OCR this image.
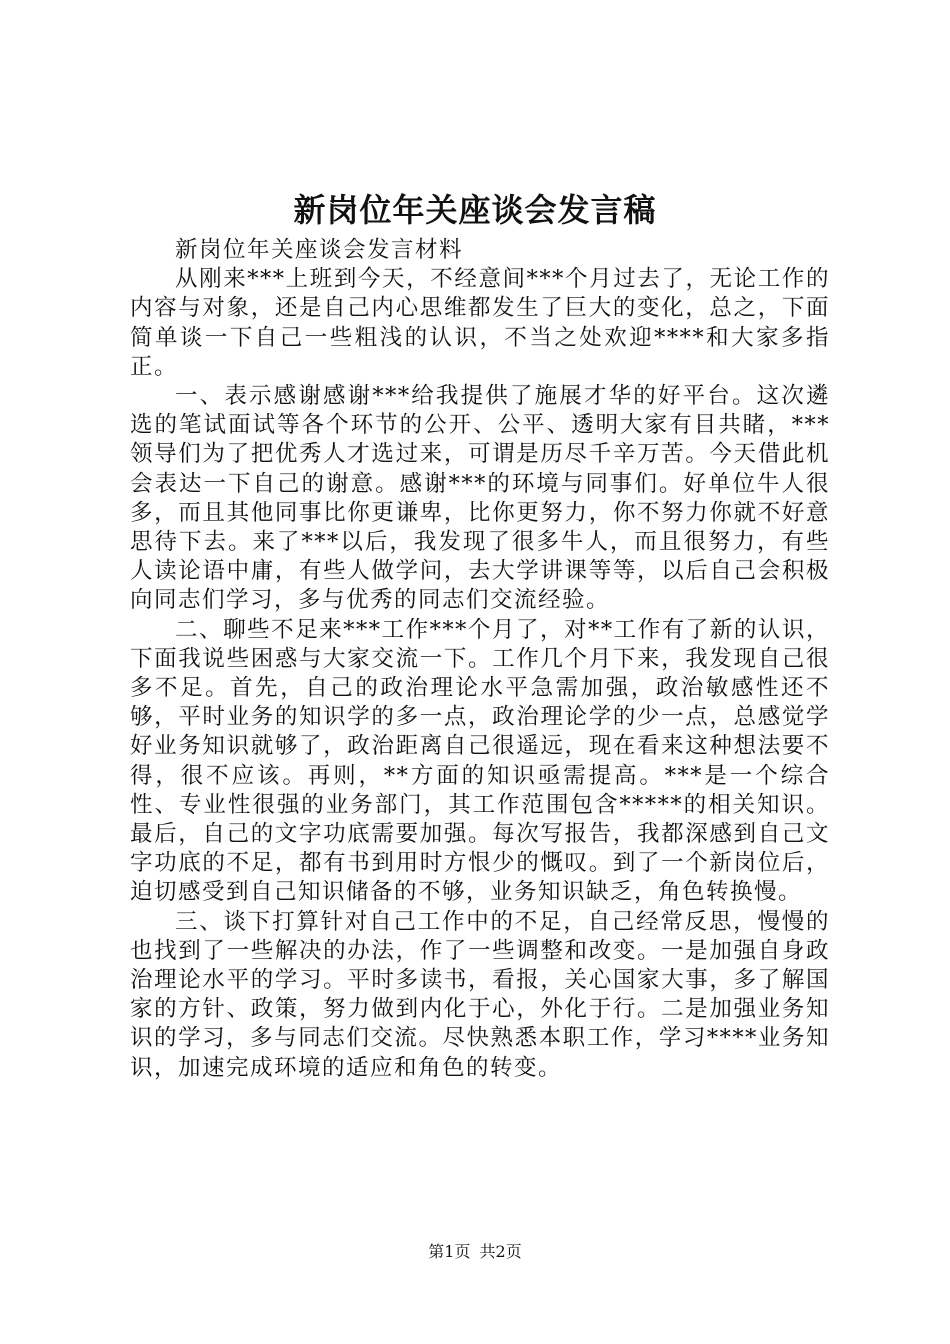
新岗位年关座谈会发言稿

新岗位年关座谈会发言材料

从刚来***上班到今天，不经意间***个月过去了，无论工作的内容与对象，还是自己内心思维都发生了巨大的变化，总之，下面简单谈一下自己一些粗浅的认识，不当之处欢迎****和大家多指正。

一、表示感谢感谢***给我提供了施展才华的好平台。这次遴选的笔试面试等各个环节的公开、公平、透明大家有目共睹，***领导们为了把优秀人才选过来，可谓是历尽千辛万苦。今天借此机会表达一下自己的谢意。感谢***的环境与同事们。好单位牛人很多，而且其他同事比你更谦卑，比你更努力，你不努力你就不好意思待下去。来了***以后，我发现了很多牛人，而且很努力，有些人读论语中庸，有些人做学问，去大学讲课等等，以后自己会积极向同志们学习，多与优秀的同志们交流经验。

二、聊些不足来***工作***个月了，对**工作有了新的认识，下面我说些困惑与大家交流一下。工作几个月下来，我发现自己很多不足。首先，自己的政治理论水平急需加强，政治敏感性还不够，平时业务的知识学的多一点，政治理论学的少一点，总感觉学好业务知识就够了，政治距离自己很遥远，现在看来这种想法要不得，很不应该。再则，**方面的知识亟需提高。***是一个综合性、专业性很强的业务部门，其工作范围包含*****的相关知识。最后，自己的文字功底需要加强。每次写报告，我都深感到自己文字功底的不足，都有书到用时方恨少的慨叹。到了一个新岗位后，迫切感受到自己知识储备的不够，业务知识缺乏，角色转换慢。

三、谈下打算针对自己工作中的不足，自己经常反思，慢慢的也找到了一些解决的办法，作了一些调整和改变。一是加强自身政治理论水平的学习。平时多读书，看报，关心国家大事，多了解国家的方针、政策，努力做到内化于心，外化于行。二是加强业务知识的学习，多与同志们交流。尽快熟悉本职工作，学习****业务知识，加速完成环境的适应和角色的转变。

第1页 共2页
